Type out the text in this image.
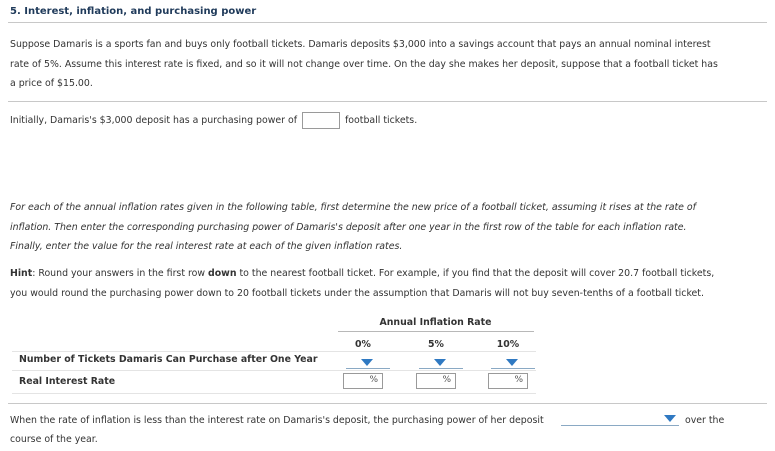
5. Interest, inflation, and purchasing power
Suppose Damaris is a sports fan and buys only football tickets. Damaris deposits $3,000 into a savings account that pays an annual nominal interest
rate of 5%. Assume this interest rate is fixed, and so it will not change over time. On the day she makes her deposit, suppose that a football ticket has
a price of $15.00.
Initially, Damaris's $3,000 deposit has a purchasing power of	football tickets.
For each of the annual inflation rates given in the following table, first determine the new price of a football ticket, assuming it rises at the rate of
inflation. Then enter the corresponding purchasing power of Damaris's deposit after one year in the first row of the table for each inflation rate.
Finally, enter the value for the real interest rate at each of the given inflation rates.
Hint: Round your answers in the first row down to the nearest football ticket. For example, if you find that the deposit will cover 20.7 football tickets,
you would round the purchasing power down to 20 football tickets under the assumption that Damaris will not buy seven-tenths of a football ticket.
Annual Inflation Rate
0%	5%	10%
Number of Tickets Damaris Can Purchase after One Year
Real Interest Rate	%	%	%
When the rate of inflation is less than the interest rate on Damaris's deposit, the purchasing power of her deposit	over the
course of the year.
